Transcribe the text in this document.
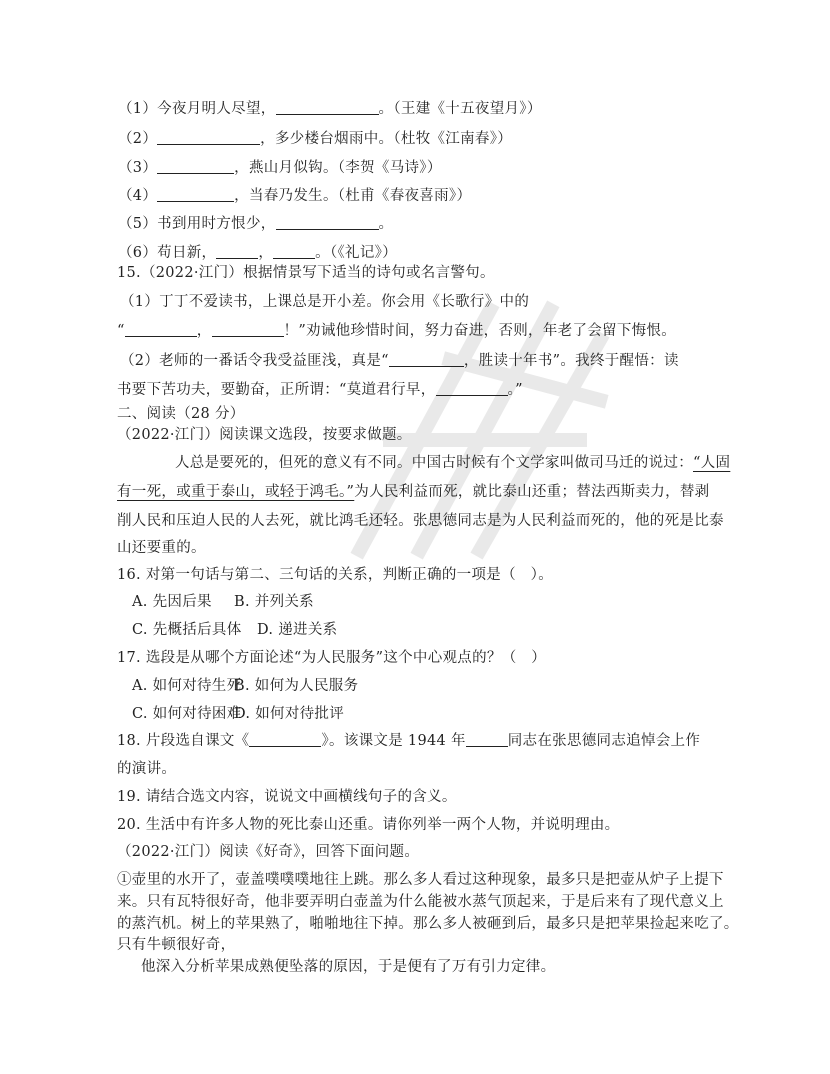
（1）今夜月明人尽望，	。（王建《十五夜望月》）
（2）	，多少楼台烟雨中。（杜牧《江南春》）
（3）	，燕山月似钩。（李贺《马诗》）
（4）	，当春乃发生。（杜甫《春夜喜雨》）
（5）书到用时方恨少，	。
（6）苟日新，	，	。（《礼记》）
15.（2022·江门）根据情景写下适当的诗句或名言警句。
（1）丁丁不爱读书，上课总是开小差。你会用《长歌行》中的
“	，	！”劝诫他珍惜时间，努力奋进，否则，年老了会留下悔恨。
（2）老师的一番话令我受益匪浅，真是“	，胜读十年书”。我终于醒悟：读
书要下苦功夫，要勤奋，正所谓：“莫道君行早，	。”
二、阅读（28 分）
（2022·江门）阅读课文选段，按要求做题。
人总是要死的，但死的意义有不同。中国古时候有个文学家叫做司马迁的说过：“人固
有一死，或重于泰山，或轻于鸿毛。”为人民利益而死，就比泰山还重；替法西斯卖力，替剥
削人民和压迫人民的人去死，就比鸿毛还轻。张思德同志是为人民利益而死的，他的死是比泰
山还要重的。
16. 对第一句话与第二、三句话的关系，判断正确的一项是（　）。
A. 先因后果 B. 并列关系
C. 先概括后具体 D. 递进关系
17. 选段是从哪个方面论述“为人民服务”这个中心观点的？（　）
A. 如何对待生死
B. 如何为人民服务
C. 如何对待困难
D. 如何对待批评
18. 片段选自课文《	》。该课文是 1944 年	同志在张思德同志追悼会上作
的演讲。
19. 请结合选文内容，说说文中画横线句子的含义。
20. 生活中有许多人物的死比泰山还重。请你列举一两个人物，并说明理由。
（2022·江门）阅读《好奇》，回答下面问题。
①壶里的水开了，壶盖噗噗噗地往上跳。那么多人看过这种现象，最多只是把壶从炉子上提下
来。只有瓦特很好奇，他非要弄明白壶盖为什么能被水蒸气顶起来，于是后来有了现代意义上
的蒸汽机。树上的苹果熟了，啪啪地往下掉。那么多人被砸到后，最多只是把苹果捡起来吃了。
只有牛顿很好奇，
他深入分析苹果成熟便坠落的原因，于是便有了万有引力定律。
